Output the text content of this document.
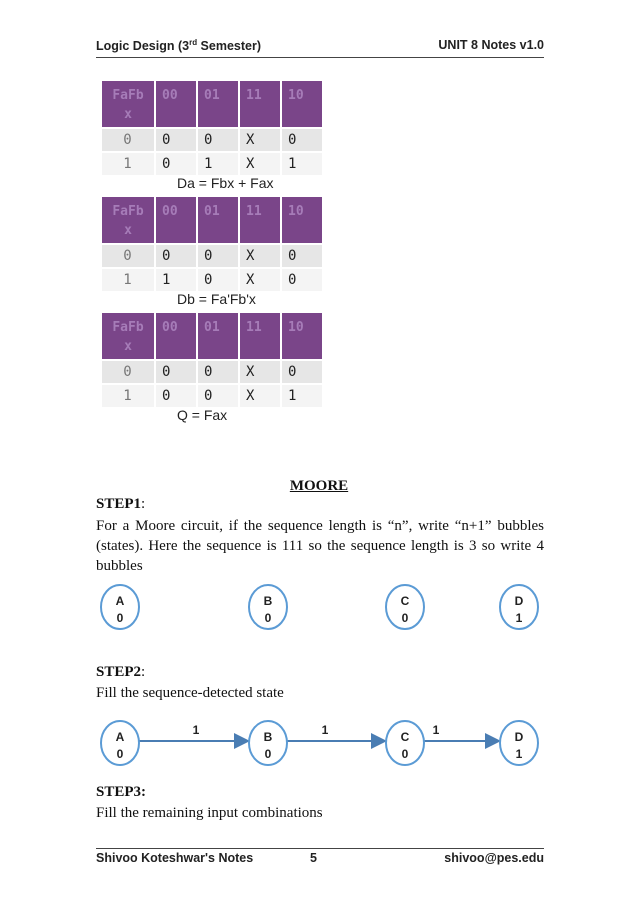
Logic Design (3rd Semester)	UNIT 8 Notes v1.0
FaFb
x	00	01	11	10
0	0	0	X	0
1	0	1	X	1
Da = Fbx + Fax
FaFb
x	00	01	11	10
0	0	0	X	0
1	1	0	X	0
Db = Fa'Fb'x
FaFb
x	00	01	11	10
0	0	0	X	0
1	0	0	X	1
Q = Fax
MOORE
STEP1:
For a Moore circuit, if the sequence length is “n”, write “n+1” bubbles (states). Here the sequence is 111 so the sequence length is 3 so write 4 bubbles
A
0
B
0
C
0
D
1
STEP2:
Fill the sequence-detected state
1	1	1
A
0
B
0
C
0
D
1
STEP3:
Fill the remaining input combinations
Shivoo Koteshwar's Notes	5	shivoo@pes.edu
